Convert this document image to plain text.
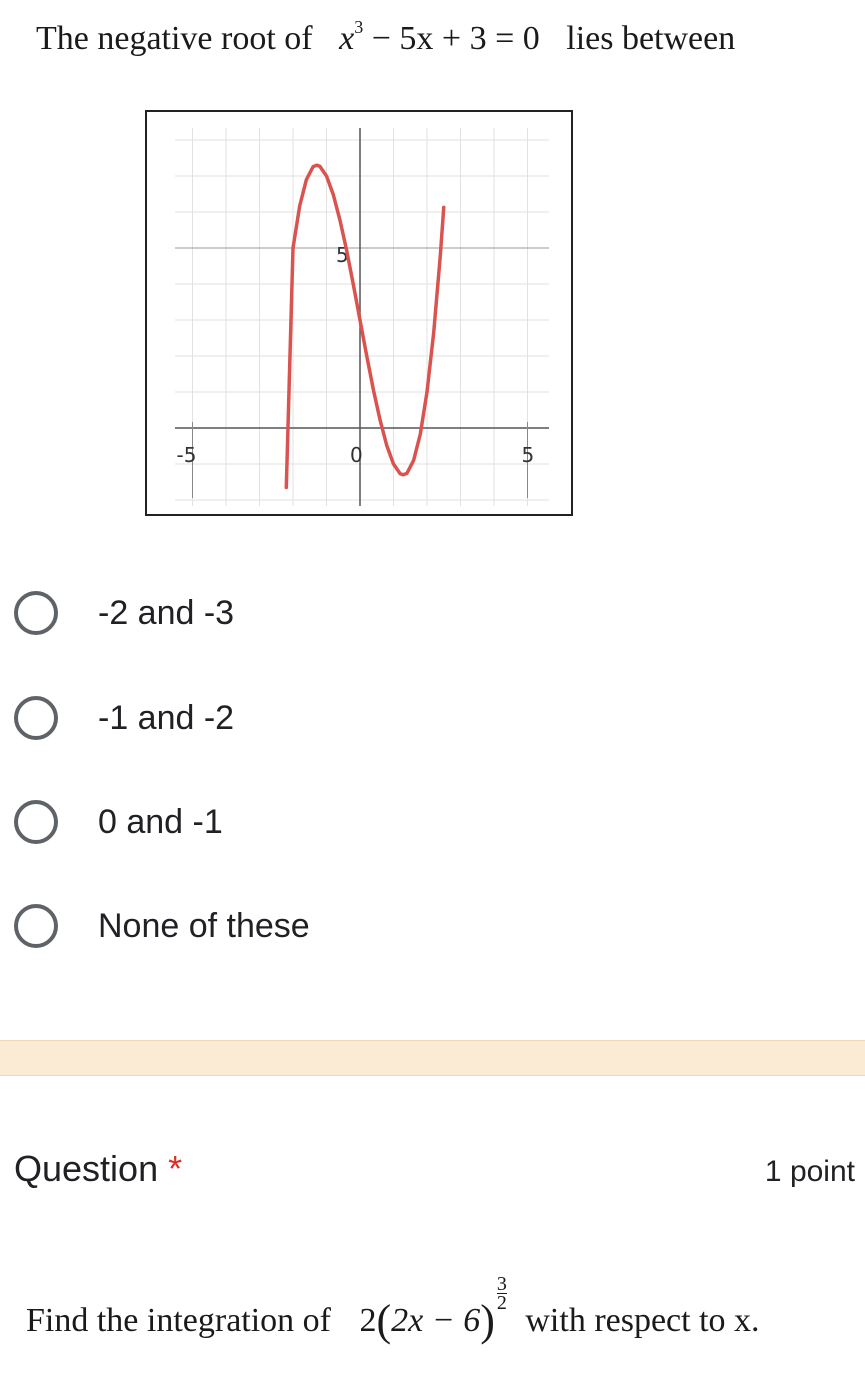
The negative root of $x^3 - 5x + 3 = 0$ lies between
-5	0	5
5
-2 and -3
-1 and -2
0 and -1
None of these
Question *	1 point
Find the integration of $2(2x - 6)\frac{3}{2}$
with respect to x.
